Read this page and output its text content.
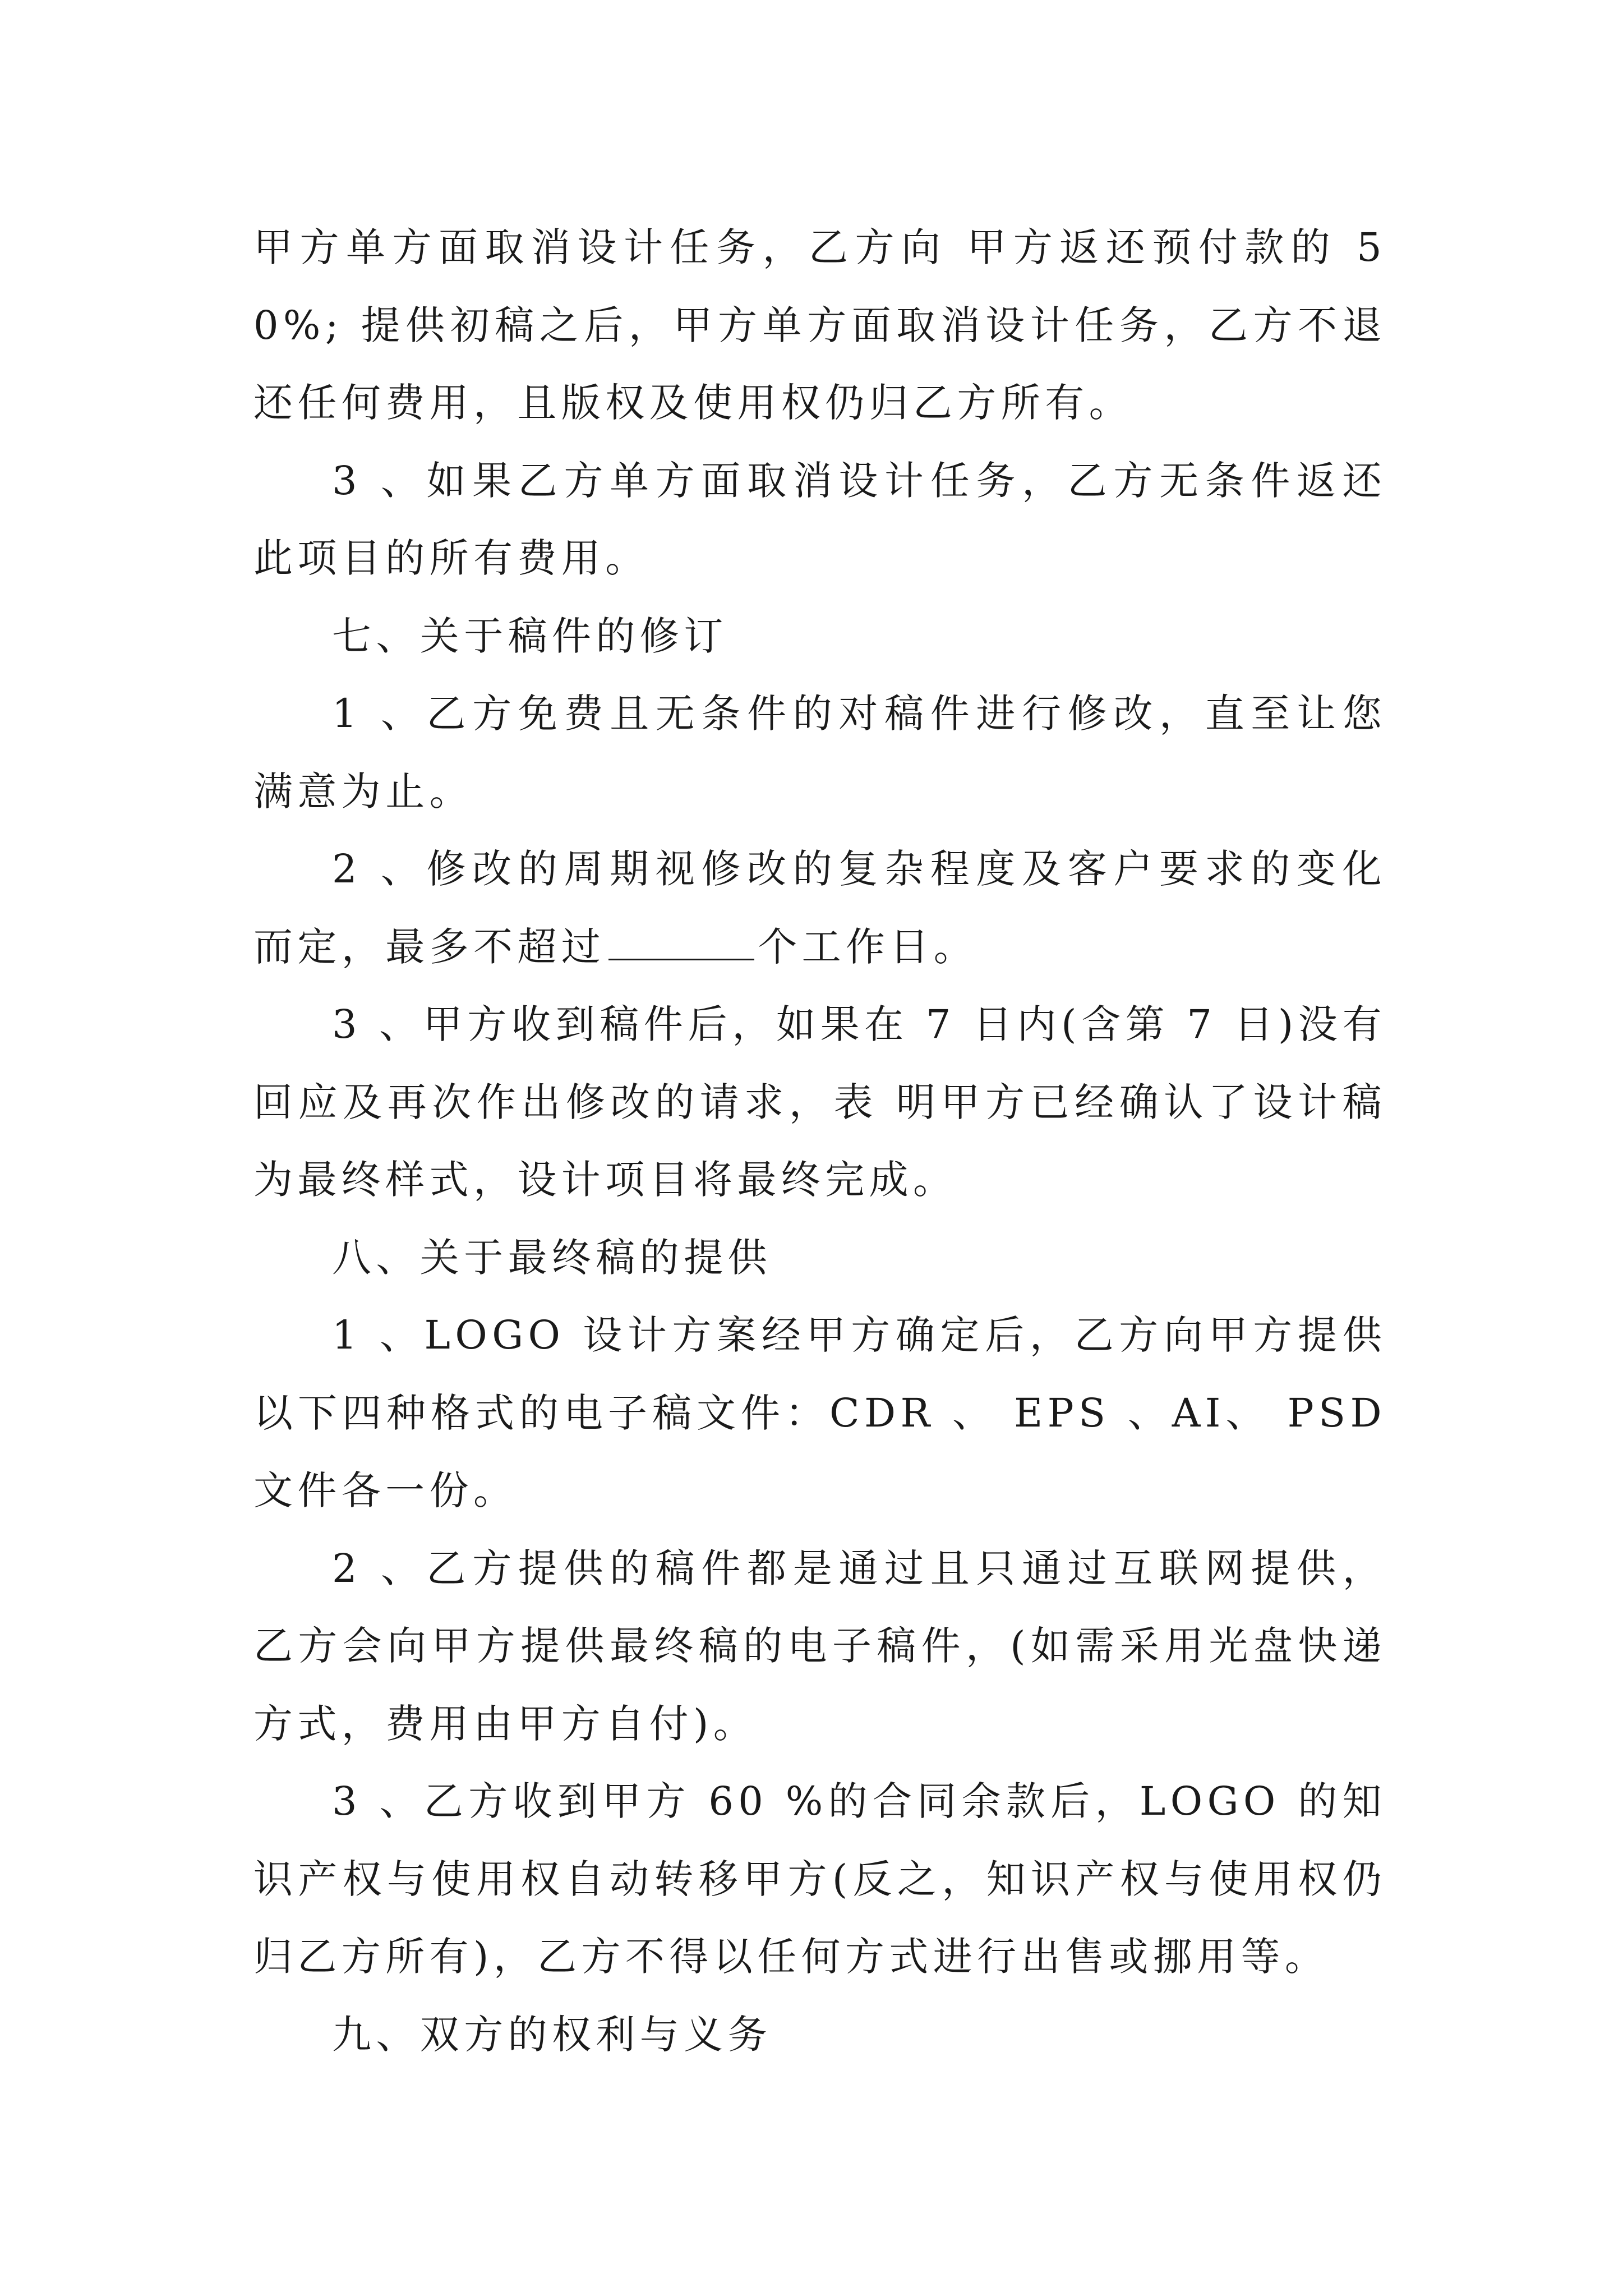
甲方单方面取消设计任务，乙方向 甲方返还预付款的 50%; 提供初稿之后，甲方单方面取消设计任务，乙方不退还任何费用，且版权及使用权仍归乙方所有。

3 、如果乙方单方面取消设计任务，乙方无条件返还此项目的所有费用。

七、关于稿件的修订

1 、乙方免费且无条件的对稿件进行修改，直至让您满意为止。

2 、修改的周期视修改的复杂程度及客户要求的变化而定，最多不超过	个工作日。

3 、甲方收到稿件后，如果在 7 日内(含第 7 日)没有回应及再次作出修改的请求，表 明甲方已经确认了设计稿为最终样式，设计项目将最终完成。

八、关于最终稿的提供

1 、LOGO 设计方案经甲方确定后，乙方向甲方提供以下四种格式的电子稿文件：CDR 、 EPS 、AI、 PSD 文件各一份。

2 、乙方提供的稿件都是通过且只通过互联网提供，乙方会向甲方提供最终稿的电子稿件，(如需采用光盘快递方式，费用由甲方自付)。

3 、乙方收到甲方 60 %的合同余款后，LOGO 的知识产权与使用权自动转移甲方(反之，知识产权与使用权仍归乙方所有)，乙方不得以任何方式进行出售或挪用等。

九、双方的权利与义务
